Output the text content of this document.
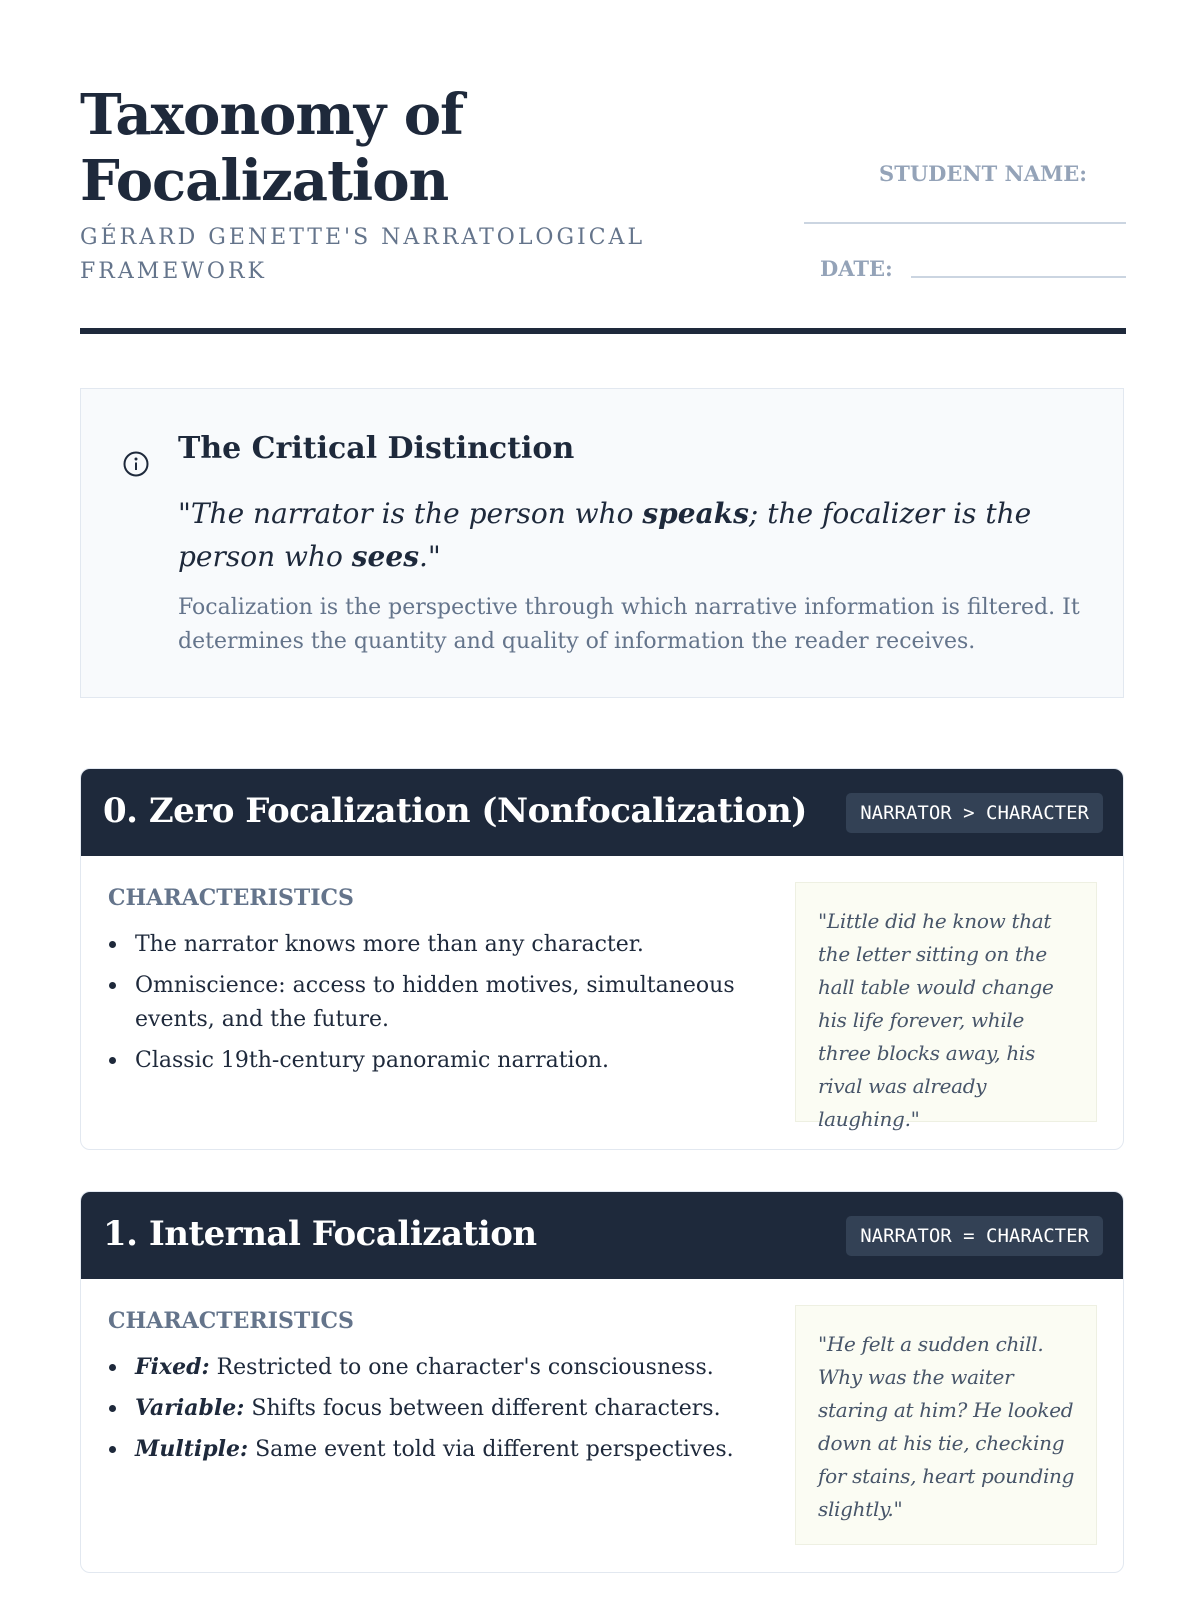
Taxonomy of Focalization
GÉRARD GENETTE'S NARRATOLOGICAL FRAMEWORK
STUDENT NAME:
DATE:
The Critical Distinction

"The narrator is the person who speaks; the focalizer is the person who sees."

Focalization is the perspective through which narrative information is filtered. It determines the quantity and quality of information the reader receives.

0. Zero Focalization (Nonfocalization)	NARRATOR > CHARACTER
CHARACTERISTICS
The narrator knows more than any character.
Omniscience: access to hidden motives, simultaneous events, and the future.
Classic 19th-century panoramic narration.

"Little did he know that the letter sitting on the hall table would change his life forever, while three blocks away, his rival was already laughing."

1. Internal Focalization	NARRATOR = CHARACTER
CHARACTERISTICS
Fixed: Restricted to one character's consciousness.
Variable: Shifts focus between different characters.
Multiple: Same event told via different perspectives.

"He felt a sudden chill. Why was the waiter staring at him? He looked down at his tie, checking for stains, heart pounding slightly."
